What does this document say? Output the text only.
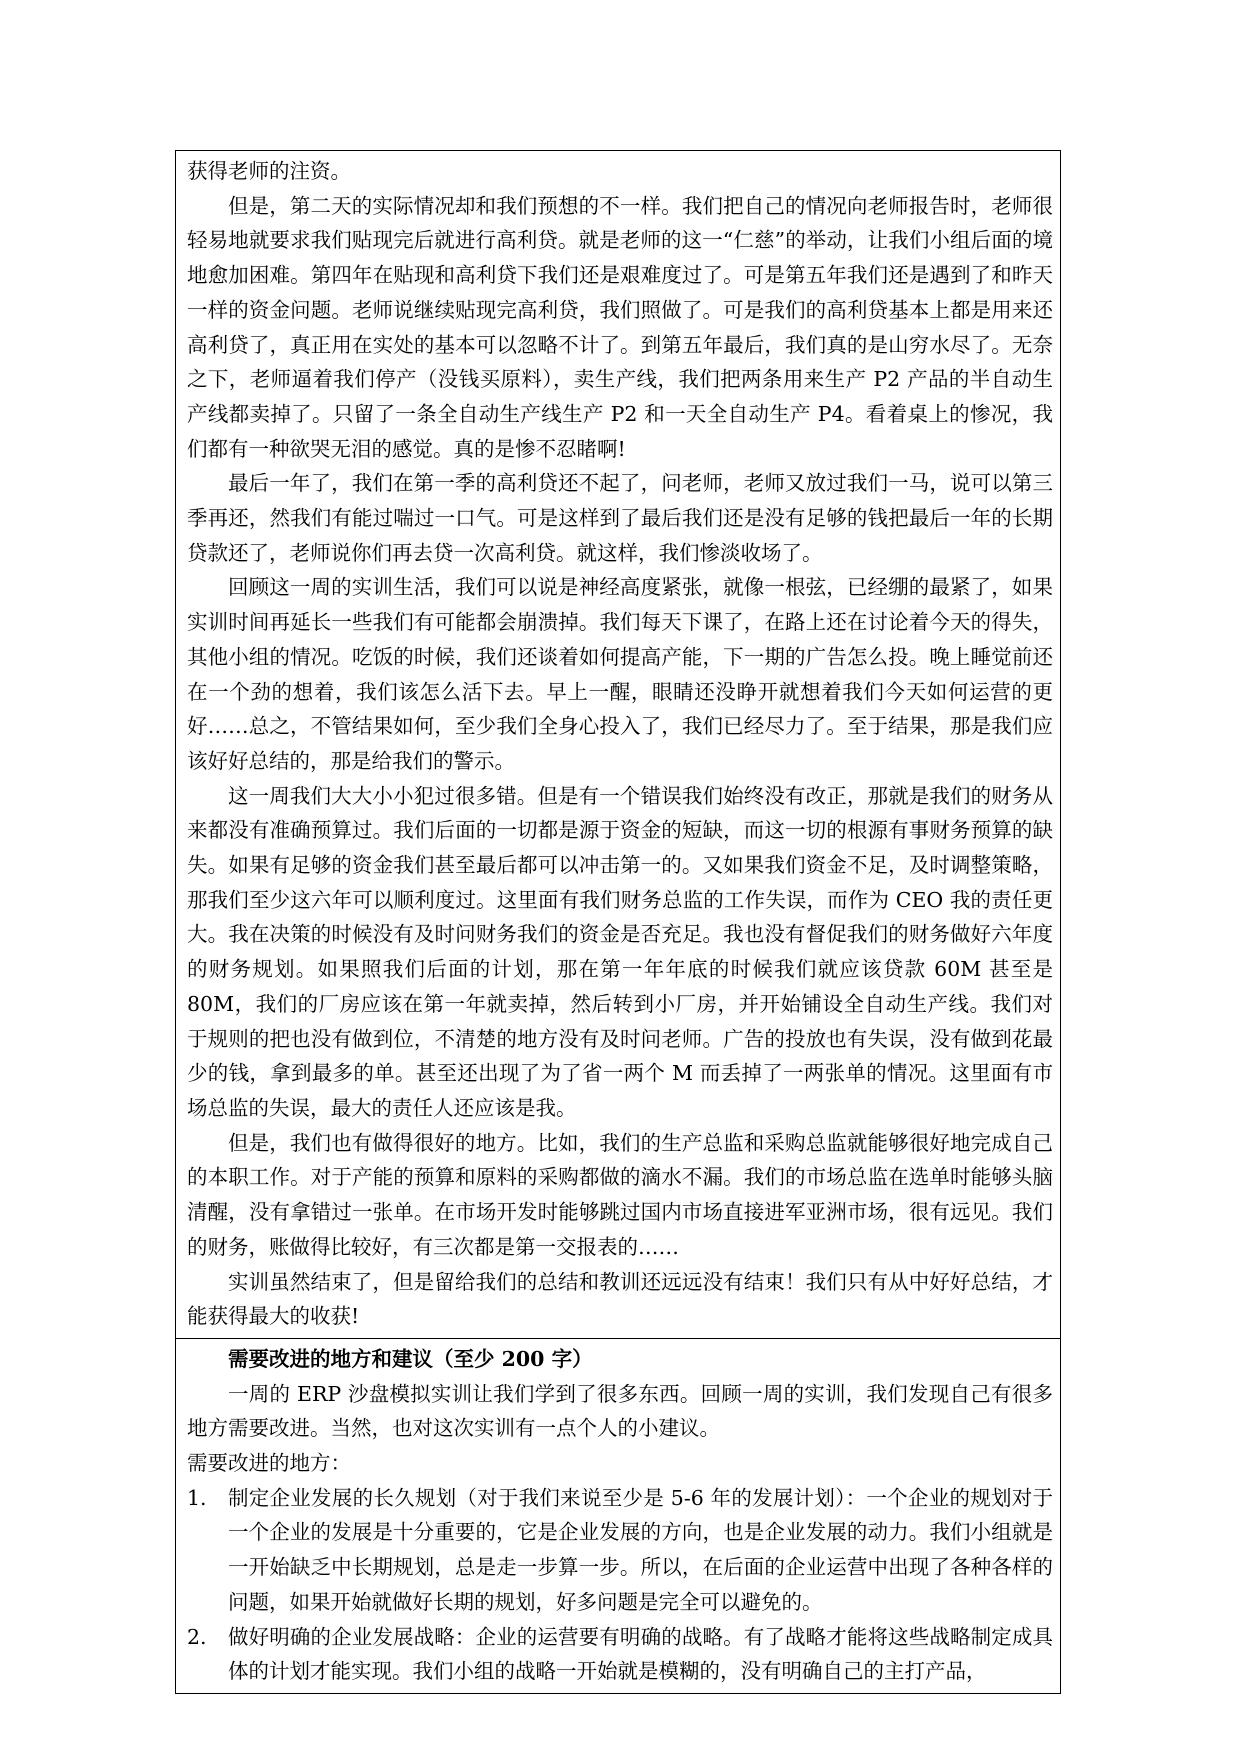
获得老师的注资。

但是，第二天的实际情况却和我们预想的不一样。我们把自己的情况向老师报告时，老师很轻易地就要求我们贴现完后就进行高利贷。就是老师的这一“仁慈”的举动，让我们小组后面的境地愈加困难。第四年在贴现和高利贷下我们还是艰难度过了。可是第五年我们还是遇到了和昨天一样的资金问题。老师说继续贴现完高利贷，我们照做了。可是我们的高利贷基本上都是用来还高利贷了，真正用在实处的基本可以忽略不计了。到第五年最后，我们真的是山穷水尽了。无奈之下，老师逼着我们停产（没钱买原料），卖生产线，我们把两条用来生产 P2 产品的半自动生产线都卖掉了。只留了一条全自动生产线生产 P2 和一天全自动生产 P4。看着桌上的惨况，我们都有一种欲哭无泪的感觉。真的是惨不忍睹啊!

最后一年了，我们在第一季的高利贷还不起了，问老师，老师又放过我们一马，说可以第三季再还，然我们有能过喘过一口气。可是这样到了最后我们还是没有足够的钱把最后一年的长期贷款还了，老师说你们再去贷一次高利贷。就这样，我们惨淡收场了。

回顾这一周的实训生活，我们可以说是神经高度紧张，就像一根弦，已经绷的最紧了，如果实训时间再延长一些我们有可能都会崩溃掉。我们每天下课了，在路上还在讨论着今天的得失，其他小组的情况。吃饭的时候，我们还谈着如何提高产能，下一期的广告怎么投。晚上睡觉前还在一个劲的想着，我们该怎么活下去。早上一醒，眼睛还没睁开就想着我们今天如何运营的更好……总之，不管结果如何，至少我们全身心投入了，我们已经尽力了。至于结果，那是我们应该好好总结的，那是给我们的警示。

这一周我们大大小小犯过很多错。但是有一个错误我们始终没有改正，那就是我们的财务从来都没有准确预算过。我们后面的一切都是源于资金的短缺，而这一切的根源有事财务预算的缺失。如果有足够的资金我们甚至最后都可以冲击第一的。又如果我们资金不足，及时调整策略，那我们至少这六年可以顺利度过。这里面有我们财务总监的工作失误，而作为 CEO 我的责任更大。我在决策的时候没有及时问财务我们的资金是否充足。我也没有督促我们的财务做好六年度的财务规划。如果照我们后面的计划，那在第一年年底的时候我们就应该贷款 60M 甚至是 80M，我们的厂房应该在第一年就卖掉，然后转到小厂房，并开始铺设全自动生产线。我们对于规则的把也没有做到位，不清楚的地方没有及时问老师。广告的投放也有失误，没有做到花最少的钱，拿到最多的单。甚至还出现了为了省一两个 M 而丢掉了一两张单的情况。这里面有市场总监的失误，最大的责任人还应该是我。

但是，我们也有做得很好的地方。比如，我们的生产总监和采购总监就能够很好地完成自己的本职工作。对于产能的预算和原料的采购都做的滴水不漏。我们的市场总监在选单时能够头脑清醒，没有拿错过一张单。在市场开发时能够跳过国内市场直接进军亚洲市场，很有远见。我们的财务，账做得比较好，有三次都是第一交报表的……

实训虽然结束了，但是留给我们的总结和教训还远远没有结束！我们只有从中好好总结，才能获得最大的收获!

需要改进的地方和建议（至少 200 字）

一周的 ERP 沙盘模拟实训让我们学到了很多东西。回顾一周的实训，我们发现自己有很多地方需要改进。当然，也对这次实训有一点个人的小建议。

需要改进的地方：

1.	制定企业发展的长久规划（对于我们来说至少是 5-6 年的发展计划）：一个企业的规划对于一个企业的发展是十分重要的，它是企业发展的方向，也是企业发展的动力。我们小组就是一开始缺乏中长期规划，总是走一步算一步。所以，在后面的企业运营中出现了各种各样的问题，如果开始就做好长期的规划，好多问题是完全可以避免的。
2.	做好明确的企业发展战略：企业的运营要有明确的战略。有了战略才能将这些战略制定成具体的计划才能实现。我们小组的战略一开始就是模糊的，没有明确自己的主打产品，
